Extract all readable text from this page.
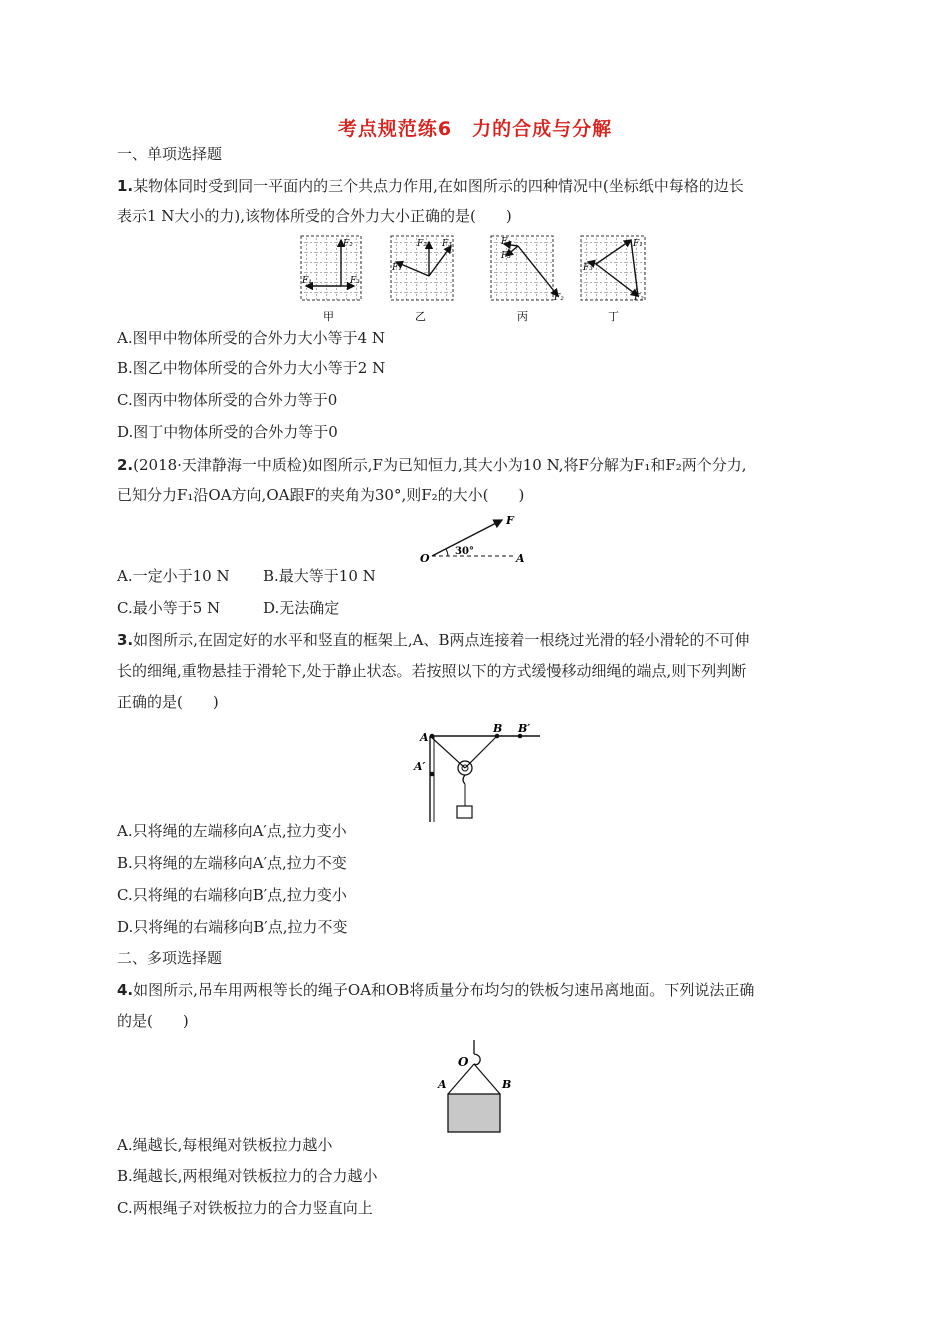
考点规范练6　力的合成与分解
一、单项选择题
1.某物体同时受到同一平面内的三个共点力作用,在如图所示的四种情况中(坐标纸中每格的边长
表示1 N大小的力),该物体所受的合外力大小正确的是(　　)
F₂
F₁	F₃
F₁
F₂ F₃	F₁
F₃
F₂
F₁
F₃
F₂
甲	乙	丙	丁
A.图甲中物体所受的合外力大小等于4 N
B.图乙中物体所受的合外力大小等于2 N
C.图丙中物体所受的合外力等于0
D.图丁中物体所受的合外力等于0
2.(2018·天津静海一中质检)如图所示,F为已知恒力,其大小为10 N,将F分解为F₁和F₂两个分力,
已知分力F₁沿OA方向,OA跟F的夹角为30°,则F₂的大小(　　)
O	A
F
30°
A.一定小于10 N B.最大等于10 N
C.最小等于5 N	D.无法确定
3.如图所示,在固定好的水平和竖直的框架上,A、B两点连接着一根绕过光滑的轻小滑轮的不可伸
长的细绳,重物悬挂于滑轮下,处于静止状态。若按照以下的方式缓慢移动细绳的端点,则下列判断
正确的是(　　)
A
A′
B B′
A.只将绳的左端移向A′点,拉力变小
B.只将绳的左端移向A′点,拉力不变
C.只将绳的右端移向B′点,拉力变小
D.只将绳的右端移向B′点,拉力不变
二、多项选择题
4.如图所示,吊车用两根等长的绳子OA和OB将质量分布均匀的铁板匀速吊离地面。下列说法正确
的是(　　)
O
A	B
A.绳越长,每根绳对铁板拉力越小
B.绳越长,两根绳对铁板拉力的合力越小
C.两根绳子对铁板拉力的合力竖直向上
